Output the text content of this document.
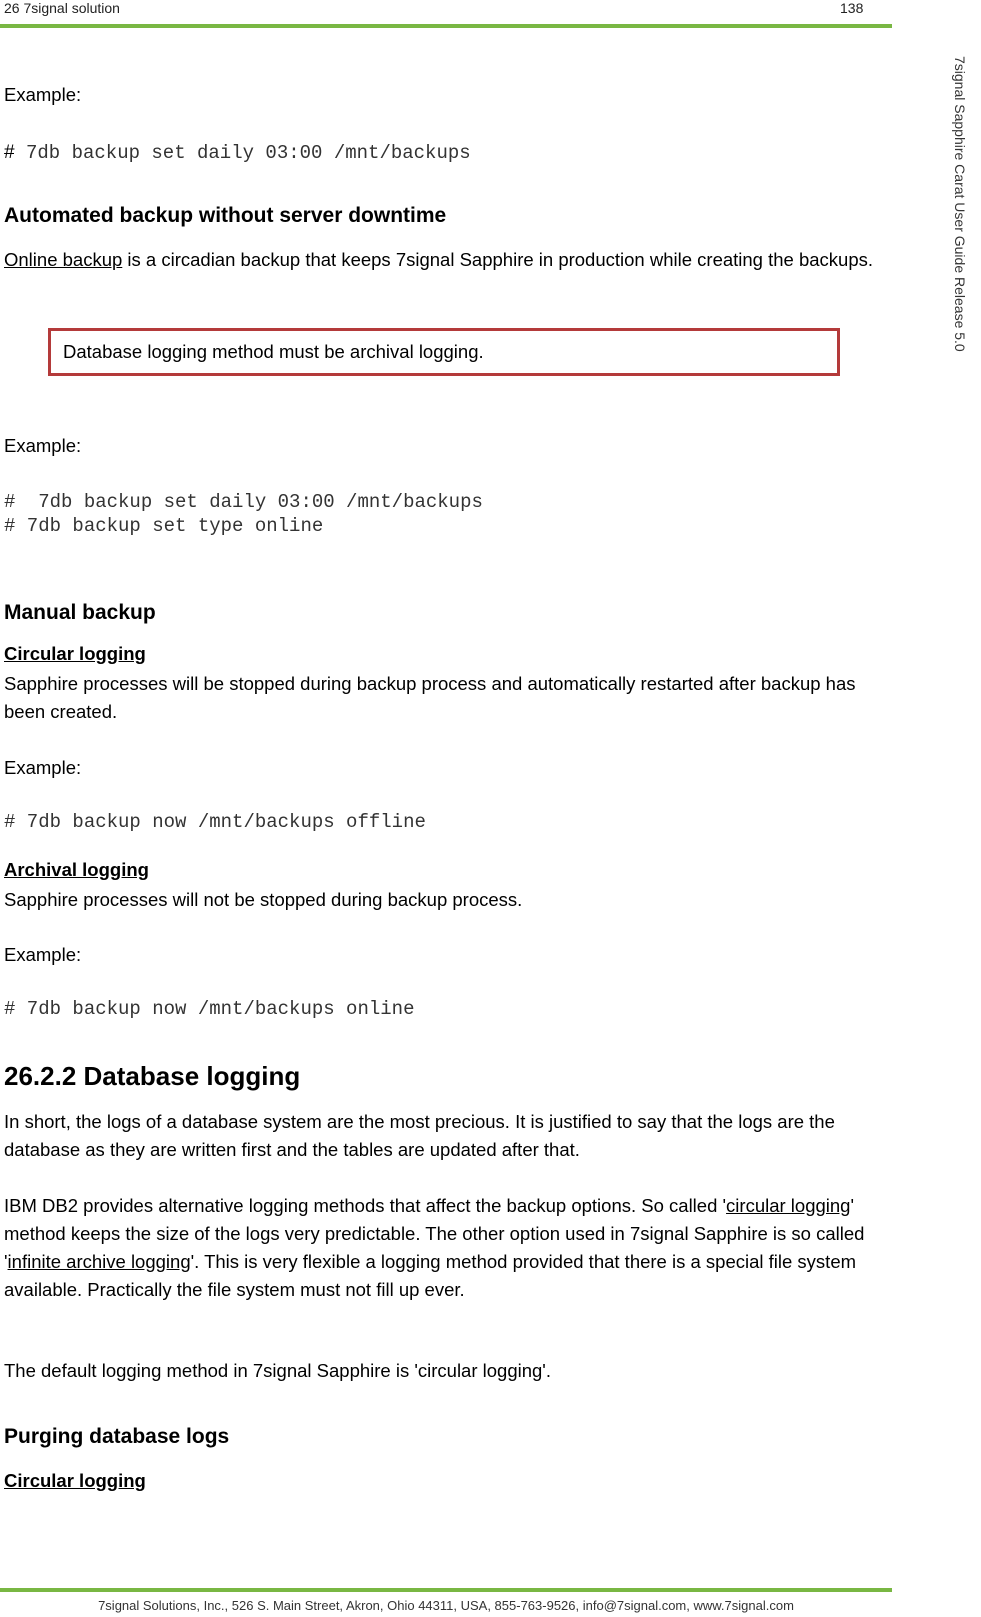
26 7signal solution	138
7signal Sapphire Carat User Guide Release 5.0
Example:
# 7db backup set daily 03:00 /mnt/backups
Automated backup without server downtime
Online backup is a circadian backup that keeps 7signal Sapphire in production while creating the backups.
Database logging method must be archival logging.
Example:
#  7db backup set daily 03:00 /mnt/backups
# 7db backup set type online
Manual backup
Circular logging
Sapphire processes will be stopped during backup process and automatically restarted after backup has been created.
Example:
# 7db backup now /mnt/backups offline
Archival logging
Sapphire processes will not be stopped during backup process.
Example:
# 7db backup now /mnt/backups online
26.2.2 Database logging
In short, the logs of a database system are the most precious. It is justified to say that the logs are the database as they are written first and the tables are updated after that.
IBM DB2 provides alternative logging methods that affect the backup options. So called 'circular logging' method keeps the size of the logs very predictable. The other option used in 7signal Sapphire is so called 'infinite archive logging'. This is very flexible a logging method provided that there is a special file system available. Practically the file system must not fill up ever.
The default logging method in 7signal Sapphire is 'circular logging'.
Purging database logs
Circular logging
7signal Solutions, Inc., 526 S. Main Street, Akron, Ohio 44311, USA, 855-763-9526, info@7signal.com, www.7signal.com
